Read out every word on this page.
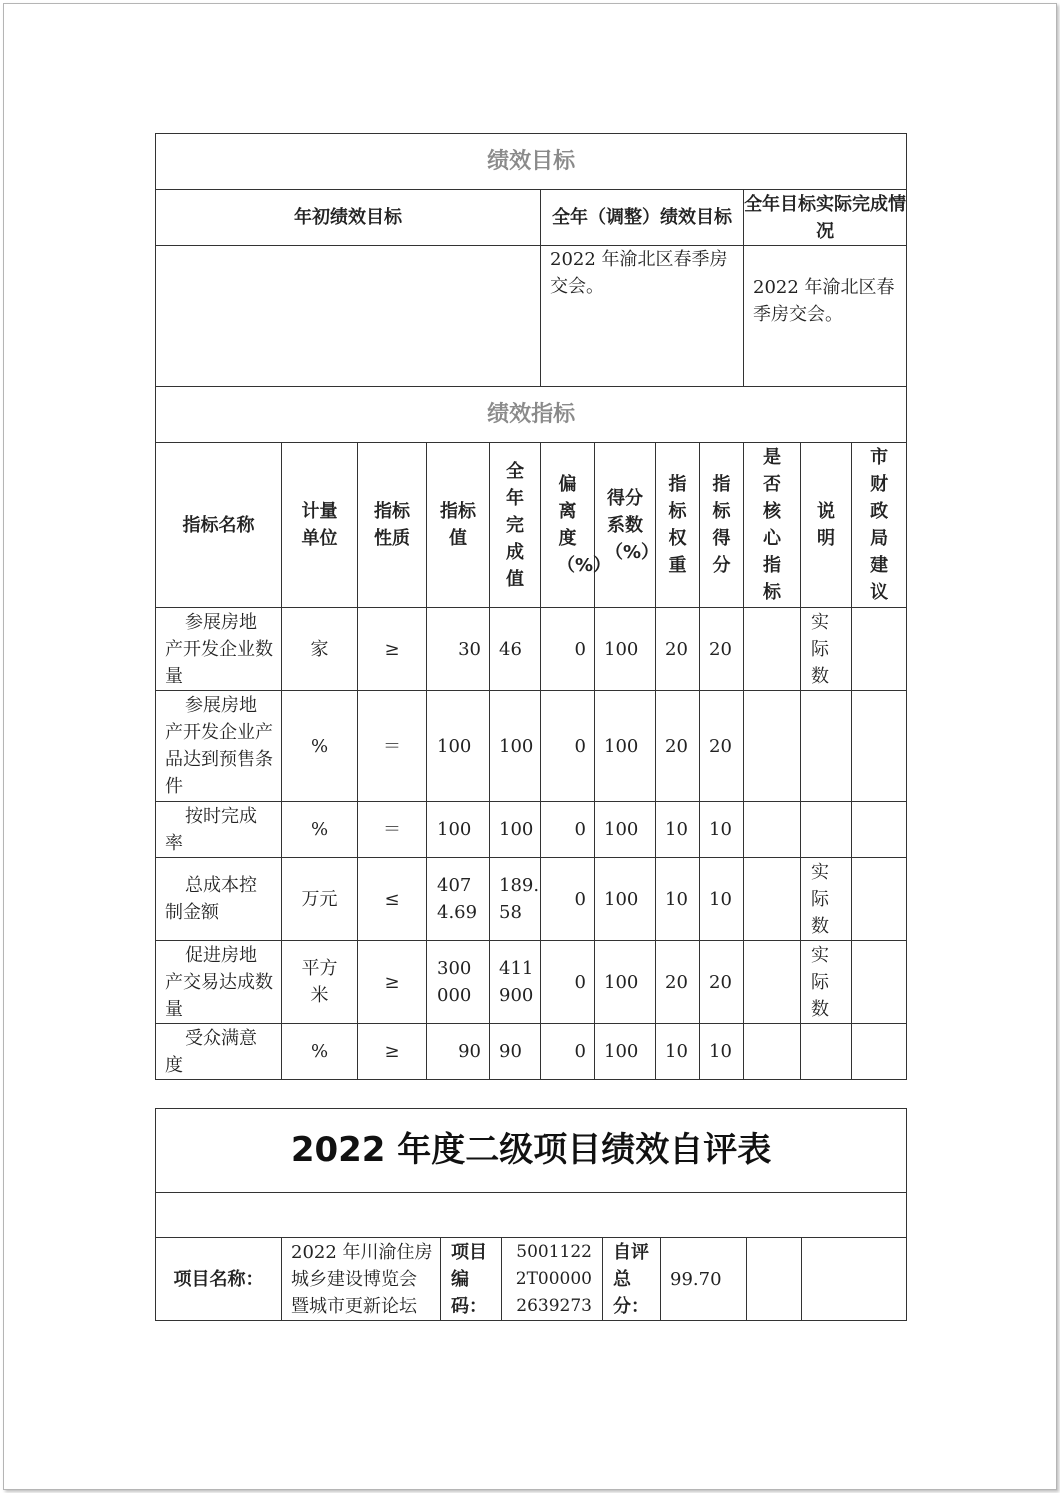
绩效目标											
年初绩效目标					全年（调整）绩效目标				全年目标实际完成情况		
					2022 年渝北区春季房交会。				2022 年渝北区春季房交会。		
绩效指标											
指标名称	计量单位	指标性质	指标值	全年完成值	偏离度（%）	得分系数（%）	指标权重	指标得分	是否核心指标	说明	市财政局建议
参展房地产开发企业数量	家	≥	30	46	0	100	20	20		实际数	
参展房地产开发企业产品达到预售条件	%	＝	100	100	0	100	20	20			
按时完成率	%	＝	100	100	0	100	10	10			
总成本控制金额	万元	≤	4074.69	189.58	0	100	10	10		实际数	
促进房地产交易达成数量	平方米	≥	300000	411900	0	100	20	20		实际数	
受众满意度	%	≥	90	90	0	100	10	10			
2022 年度二级项目绩效自评表

项目名称：	2022 年川渝住房城乡建设博览会暨城市更新论坛	项目编码：	50011222T000002639273	自评总分：	99.70		
